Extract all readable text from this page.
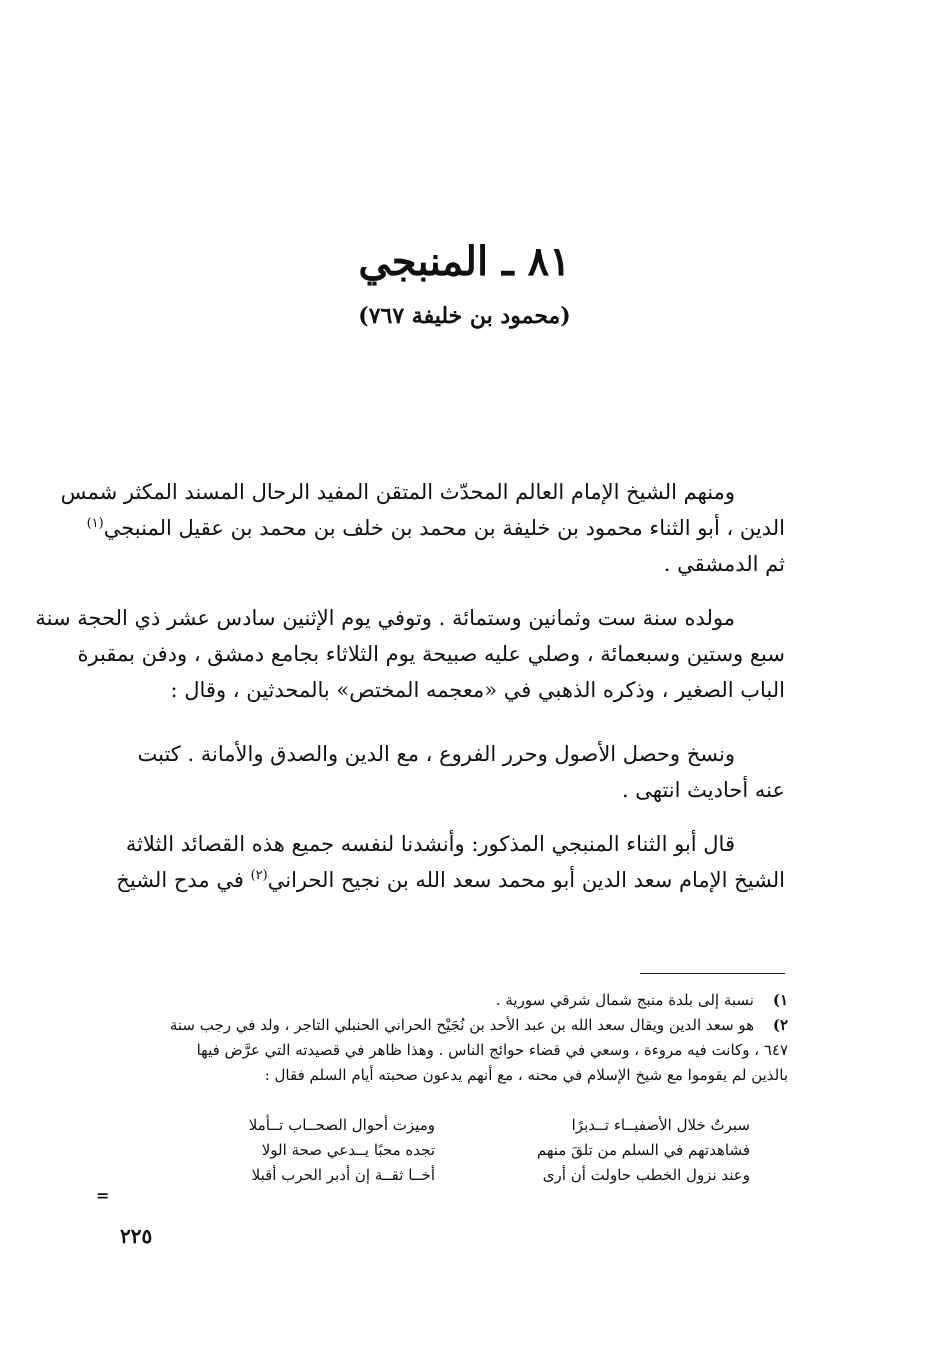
٨١ ـ المنبجي
(محمود بن خليفة ٧٦٧)
ومنهم الشيخ الإمام العالم المحدّث المتقن المفيد الرحال المسند المكثر شمس
الدين ، أبو الثناء محمود بن خليفة بن محمد بن خلف بن محمد بن عقيل المنبجي$^{(١)}$
ثم الدمشقي .
مولده سنة ست وثمانين وستمائة . وتوفي يوم الإثنين سادس عشر ذي الحجة سنة
سبع وستين وسبعمائة ، وصلي عليه صبيحة يوم الثلاثاء بجامع دمشق ، ودفن بمقبرة
الباب الصغير ، وذكره الذهبي في «معجمه المختص» بالمحدثين ، وقال :
ونسخ وحصل الأصول وحرر الفروع ، مع الدين والصدق والأمانة . كتبت
عنه أحاديث انتهى .
قال أبو الثناء المنبجي المذكور: وأنشدنا لنفسه جميع هذه القصائد الثلاثة
الشيخ الإمام سعد الدين أبو محمد سعد الله بن نجيح الحراني$^{(٢)}$ في مدح الشيخ
١)نسبة إلى بلدة منبج شمال شرقي سورية .
٢)هو سعد الدين ويقال سعد الله بن عبد الأحد بن نُجَيْح الحراني الحنبلي التاجر ، ولد في رجب سنة
٦٤٧ ، وكانت فيه مروءة ، وسعي في قضاء حوائج الناس . وهذا ظاهر في قصيدته التي عرَّض فيها
بالذين لم يقوموا مع شيخ الإسلام في محنه ، مع أنهم يدعون صحبته أيام السلم فقال :
سبرتُ خلال الأصفيــاء تــدبرًا
وميزت أحوال الصحــاب تــأملا
فشاهدتهم في السلم من تلقَ منهم
تجده محبًا يــدعي صحة الولا
وعند نزول الخطب حاولت أن أرى
أخــا ثقــة إن أدبر الحرب أقبلا
=
٢٢٥
